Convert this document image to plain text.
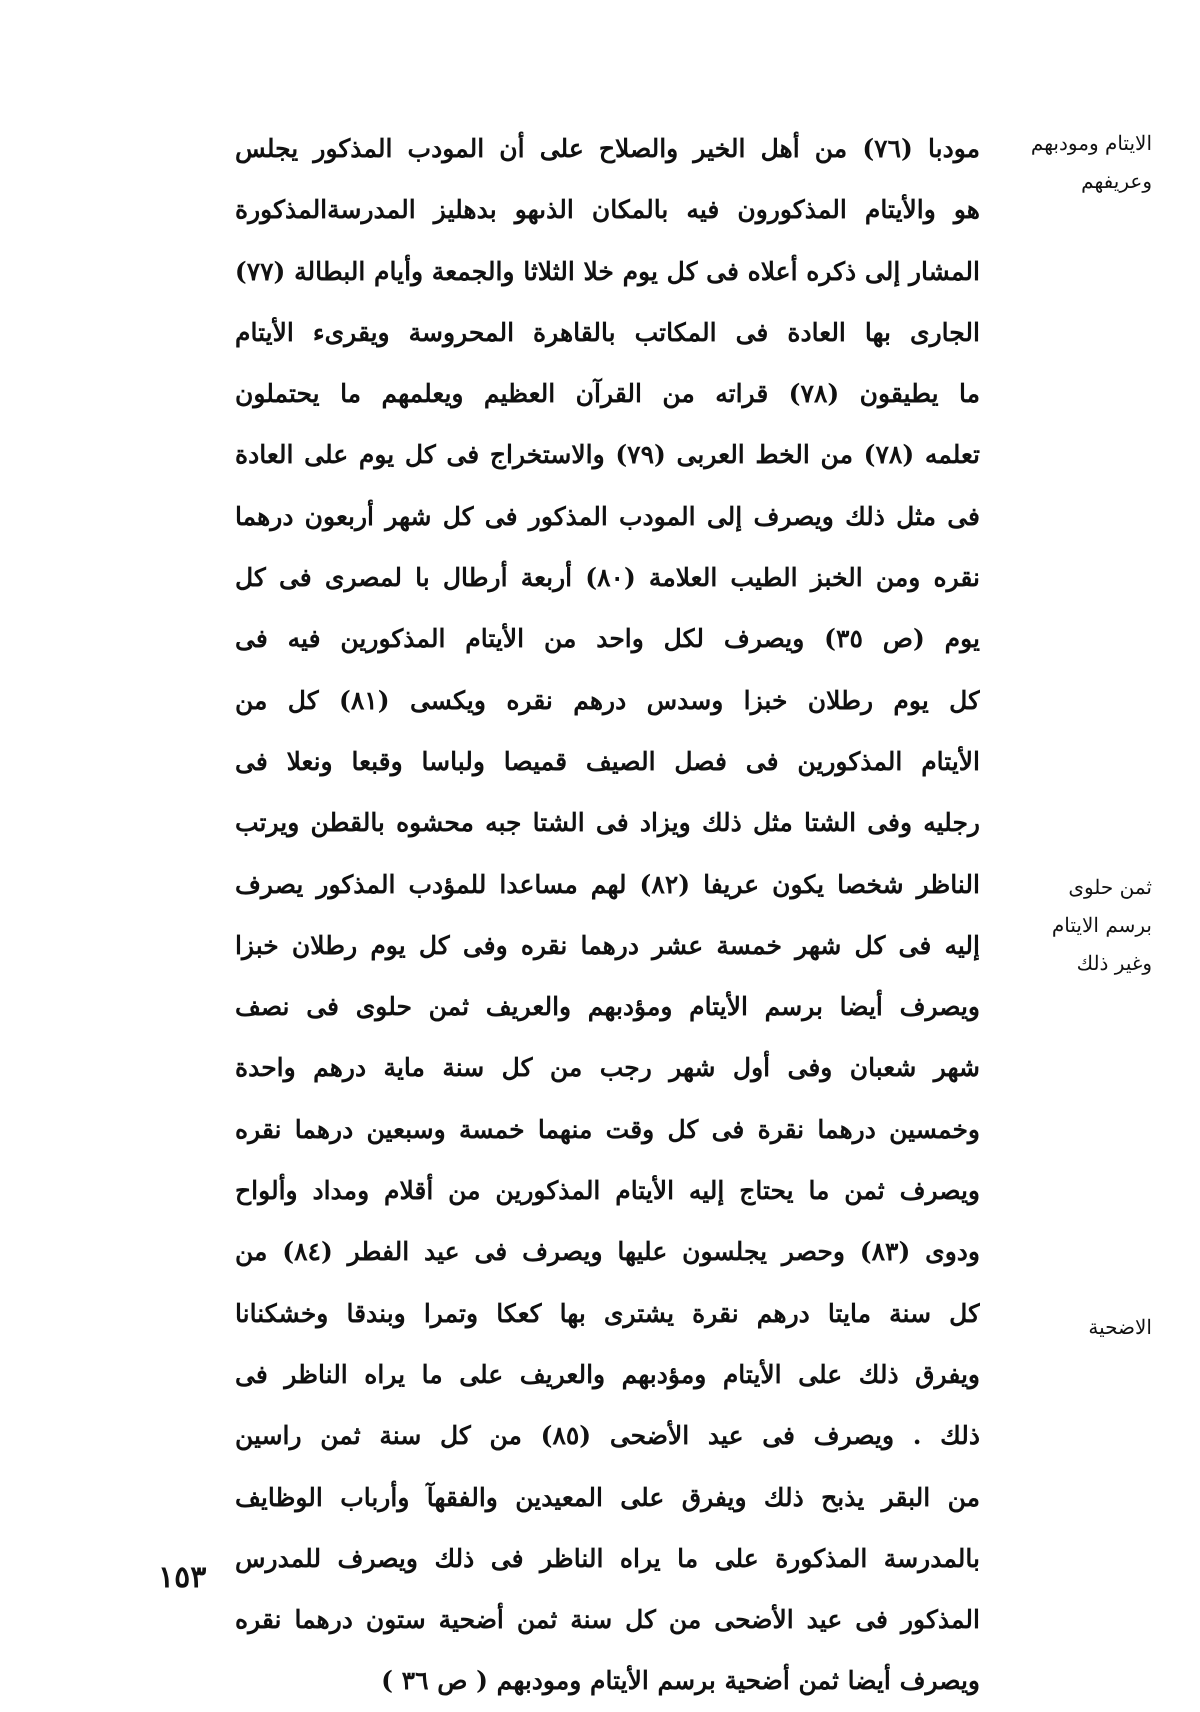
مودبا (٧٦) من أهل الخير والصلاح على أن المودب المذكور يجلس
هو والأيتام المذكورون فيه بالمكان الذىهو بدهليز المدرسةالمذكورة
المشار إلى ذكره أعلاه فى كل يوم خلا الثلاثا والجمعة وأيام البطالة (٧٧)
الجارى بها العادة فى المكاتب بالقاهرة المحروسة ويقرىء الأيتام
ما يطيقون (٧٨) قراته من القرآن العظيم ويعلمهم ما يحتملون
تعلمه (٧٨) من الخط العربى (٧٩) والاستخراج فى كل يوم على العادة
فى مثل ذلك ويصرف إلى المودب المذكور فى كل شهر أربعون درهما
نقره ومن الخبز الطيب العلامة (٨٠) أربعة أرطال با لمصرى فى كل
يوم (ص ٣٥) ويصرف لكل واحد من الأيتام المذكورين فيه فى
كل يوم رطلان خبزا وسدس درهم نقره ويكسى (٨١) كل من
الأيتام المذكورين فى فصل الصيف قميصا ولباسا وقبعا ونعلا فى
رجليه وفى الشتا مثل ذلك ويزاد فى الشتا جبه محشوه بالقطن ويرتب
الناظر شخصا يكون عريفا (٨٢) لهم مساعدا للمؤدب المذكور يصرف
إليه فى كل شهر خمسة عشر درهما نقره وفى كل يوم رطلان خبزا
ويصرف أيضا برسم الأيتام ومؤدبهم والعريف ثمن حلوى فى نصف
شهر شعبان وفى أول شهر رجب من كل سنة ماية درهم واحدة
وخمسين درهما نقرة فى كل وقت منهما خمسة وسبعين درهما نقره
ويصرف ثمن ما يحتاج إليه الأيتام المذكورين من أقلام ومداد وألواح
ودوى (٨٣) وحصر يجلسون عليها ويصرف فى عيد الفطر (٨٤) من
كل سنة مايتا درهم نقرة يشترى بها كعكا وتمرا وبندقا وخشكنانا
ويفرق ذلك على الأيتام ومؤدبهم والعريف على ما يراه الناظر فى
ذلك . ويصرف فى عيد الأضحى (٨٥) من كل سنة ثمن راسين
من البقر يذبح ذلك ويفرق على المعيدين والفقهآ وأرباب الوظايف
بالمدرسة المذكورة على ما يراه الناظر فى ذلك ويصرف للمدرس
المذكور فى عيد الأضحى من كل سنة ثمن أضحية ستون درهما نقره
ويصرف أيضا ثمن أضحية برسم الأيتام ومودبهم ( ص ٣٦ )
الايتام ومودبهم
وعريفهم
ثمن حلوى
برسم الايتام
وغير ذلك
الاضحية
١٥٣
